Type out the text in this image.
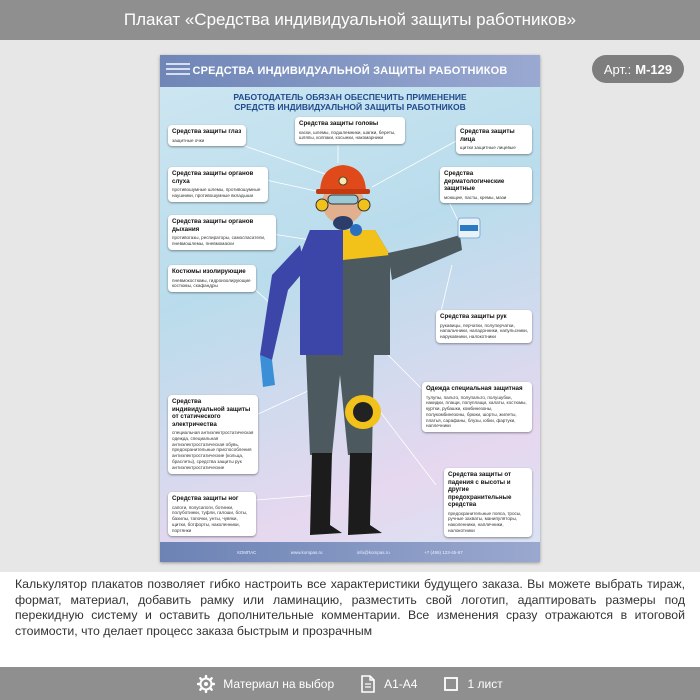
Плакат «Средства индивидуальной защиты работников»
Арт.: М-129
СРЕДСТВА ИНДИВИДУАЛЬНОЙ ЗАЩИТЫ РАБОТНИКОВ
РАБОТОДАТЕЛЬ ОБЯЗАН ОБЕСПЕЧИТЬ ПРИМЕНЕНИЕ
СРЕДСТВ ИНДИВИДУАЛЬНОЙ ЗАЩИТЫ РАБОТНИКОВ
Средства защиты глаз
защитные очки
Средства защиты головы
каски, шлемы, подшлемники, шапки, береты, шляпы, колпаки, косынки, накомарники
Средства защиты лица
щитки защитные лицевые
Средства защиты органов слуха
противошумные шлемы, противошумные наушники, противошумные вкладыши
Средства дерматологические защитные
моющие, пасты, кремы, мази
Средства защиты органов дыхания
противогазы, респираторы, самоспасатели, пневмошлемы, пневмомаски
Костюмы изолирующие
пневмокостюмы, гидроизолирующие костюмы, скафандры
Средства защиты рук
рукавицы, перчатки, полуперчатки, напальчники, наладонники, напульсники, нарукавники, налокотники
Одежда специальная защитная
тулупы, пальто, полупальто, полушубки, накидки, плащи, полуплащи, халаты, костюмы, куртки, рубашки, комбинезоны, полукомбинезоны, брюки, шорты, жилеты, платья, сарафаны, блузы, юбки, фартуки, наплечники
Средства индивидуальной защиты от статического электричества
специальная антиэлектростатическая одежда, специальная антиэлектростатическая обувь, предохранительные приспособления антиэлектростатические (кольца, браслеты), средства защиты рук антиэлектростатические
Средства защиты от падения с высоты и другие предохранительные средства
предохранительные пояса, тросы, ручные захваты, манипуляторы, наколенники, наплечники, налокотники
Средства защиты ног
сапоги, полусапоги, ботинки, полуботинки, туфли, галоши, боты, бахилы, тапочки, унты, чувяки, щитки, ботфорты, наколенники, портянки
КОМПАС	www.kompas.ru	info@kompas.ru	+7 (495) 123-45-67

Калькулятор плакатов позволяет гибко настроить все характеристики будущего заказа. Вы можете выбрать тираж, формат, материал, добавить рамку или ламинацию, разместить свой логотип, адаптировать размеры под перекидную систему и оставить дополнительные комментарии. Все изменения сразу отражаются в итоговой стоимости, что делает процесс заказа быстрым и прозрачным

Материал на выбор	А1-А4	1 лист
